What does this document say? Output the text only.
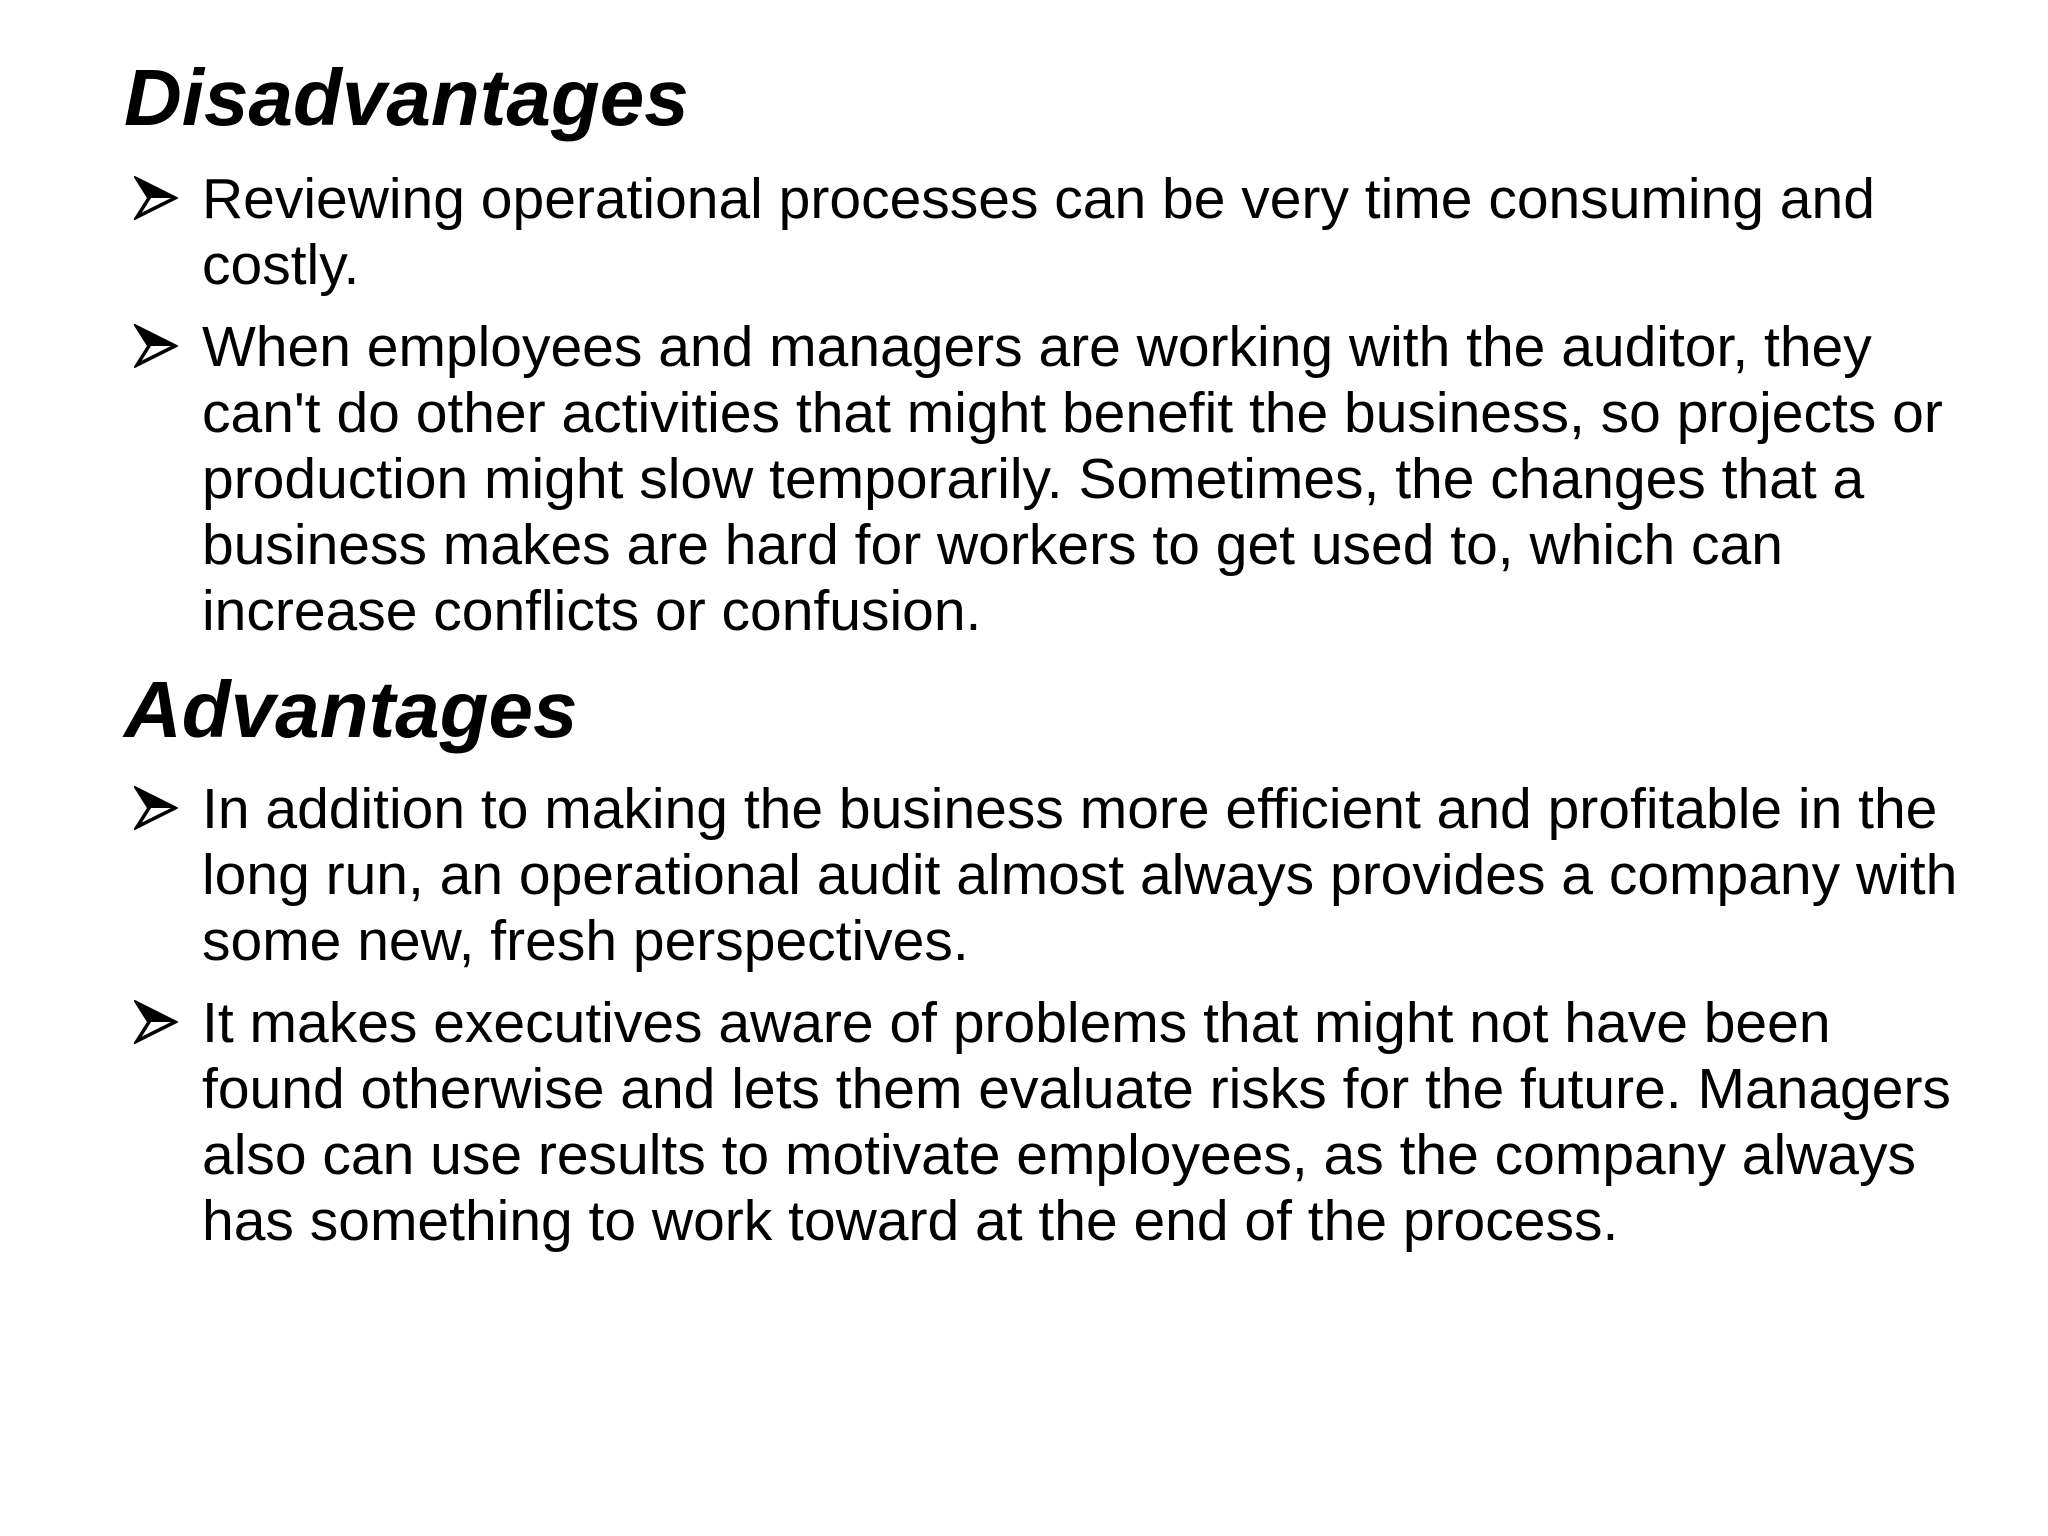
Disadvantages
Reviewing operational processes can be very time consuming and costly.
When employees and managers are working with the auditor, they can't do other activities that might benefit the business, so projects or production might slow temporarily. Sometimes, the changes that a business makes are hard for workers to get used to, which can increase conflicts or confusion.
Advantages
In addition to making the business more efficient and profitable in the long run, an operational audit almost always provides a company with some new, fresh perspectives.
It makes executives aware of problems that might not have been found otherwise and lets them evaluate risks for the future. Managers also can use results to motivate employees, as the company always has something to work toward at the end of the process.
